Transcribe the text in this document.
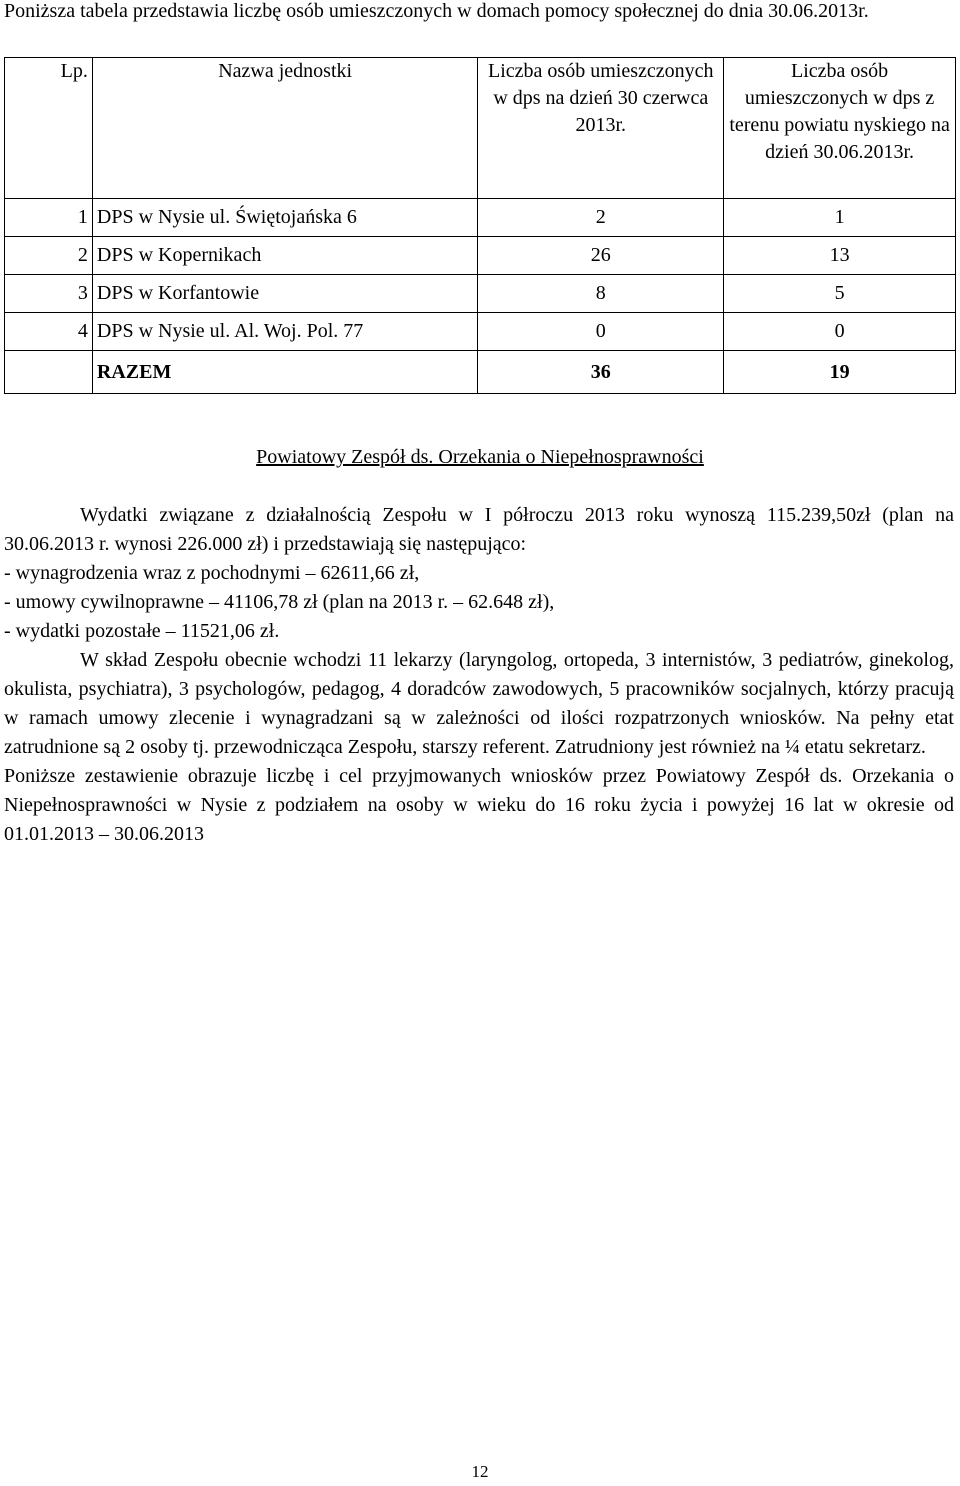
Poniższa tabela przedstawia liczbę osób umieszczonych w domach pomocy społecznej do dnia 30.06.2013r.
Lp.	Nazwa jednostki	Liczba osób umieszczonych w dps na dzień 30 czerwca 2013r.	Liczba osób umieszczonych w dps z terenu powiatu nyskiego na dzień 30.06.2013r.
1	DPS w Nysie ul. Świętojańska 6	2	1
2	DPS w Kopernikach	26	13
3	DPS w Korfantowie	8	5
4	DPS w Nysie ul. Al. Woj. Pol. 77	0	0
	RAZEM	36	19
Powiatowy Zespół ds. Orzekania o Niepełnosprawności

Wydatki związane z działalnością Zespołu w I półroczu 2013 roku wynoszą 115.239,50zł (plan na 30.06.2013 r. wynosi 226.000 zł) i przedstawiają się następująco:

- wynagrodzenia wraz z pochodnymi – 62611,66 zł,
- umowy cywilnoprawne – 41106,78 zł (plan na 2013 r. – 62.648 zł),
- wydatki pozostałe – 11521,06 zł.

W skład Zespołu obecnie wchodzi 11 lekarzy (laryngolog, ortopeda, 3 internistów, 3 pediatrów, ginekolog, okulista, psychiatra), 3 psychologów, pedagog, 4 doradców zawodowych, 5 pracowników socjalnych, którzy pracują w ramach umowy zlecenie i wynagradzani są w zależności od ilości rozpatrzonych wniosków. Na pełny etat zatrudnione są 2 osoby tj. przewodnicząca Zespołu, starszy referent. Zatrudniony jest również na ¼ etatu sekretarz.

Poniższe zestawienie obrazuje liczbę i cel przyjmowanych wniosków przez Powiatowy Zespół ds. Orzekania o Niepełnosprawności w Nysie z podziałem na osoby w wieku do 16 roku życia i powyżej 16 lat w okresie od 01.01.2013 – 30.06.2013

12
